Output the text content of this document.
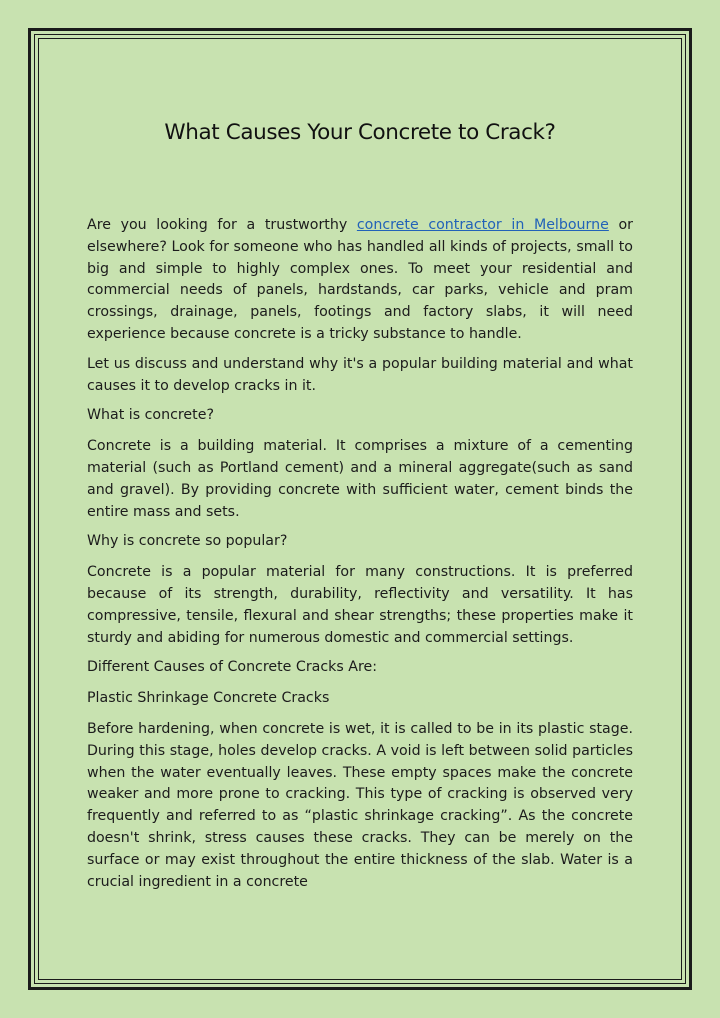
What Causes Your Concrete to Crack?

Are you looking for a trustworthy concrete contractor in Melbourne or elsewhere? Look for someone who has handled all kinds of projects, small to big and simple to highly complex ones. To meet your residential and commercial needs of panels, hardstands, car parks, vehicle and pram crossings, drainage, panels, footings and factory slabs, it will need experience because concrete is a tricky substance to handle.

Let us discuss and understand why it's a popular building material and what causes it to develop cracks in it.

What is concrete?

Concrete is a building material. It comprises a mixture of a cementing material (such as Portland cement) and a mineral aggregate(such as sand and gravel). By providing concrete with sufficient water, cement binds the entire mass and sets.

Why is concrete so popular?

Concrete is a popular material for many constructions. It is preferred because of its strength, durability, reflectivity and versatility. It has compressive, tensile, flexural and shear strengths; these properties make it sturdy and abiding for numerous domestic and commercial settings.

Different Causes of Concrete Cracks Are:
Plastic Shrinkage Concrete Cracks

Before hardening, when concrete is wet, it is called to be in its plastic stage. During this stage, holes develop cracks. A void is left between solid particles when the water eventually leaves. These empty spaces make the concrete weaker and more prone to cracking. This type of cracking is observed very frequently and referred to as “plastic shrinkage cracking”. As the concrete doesn't shrink, stress causes these cracks. They can be merely on the surface or may exist throughout the entire thickness of the slab. Water is a crucial ingredient in a concrete
